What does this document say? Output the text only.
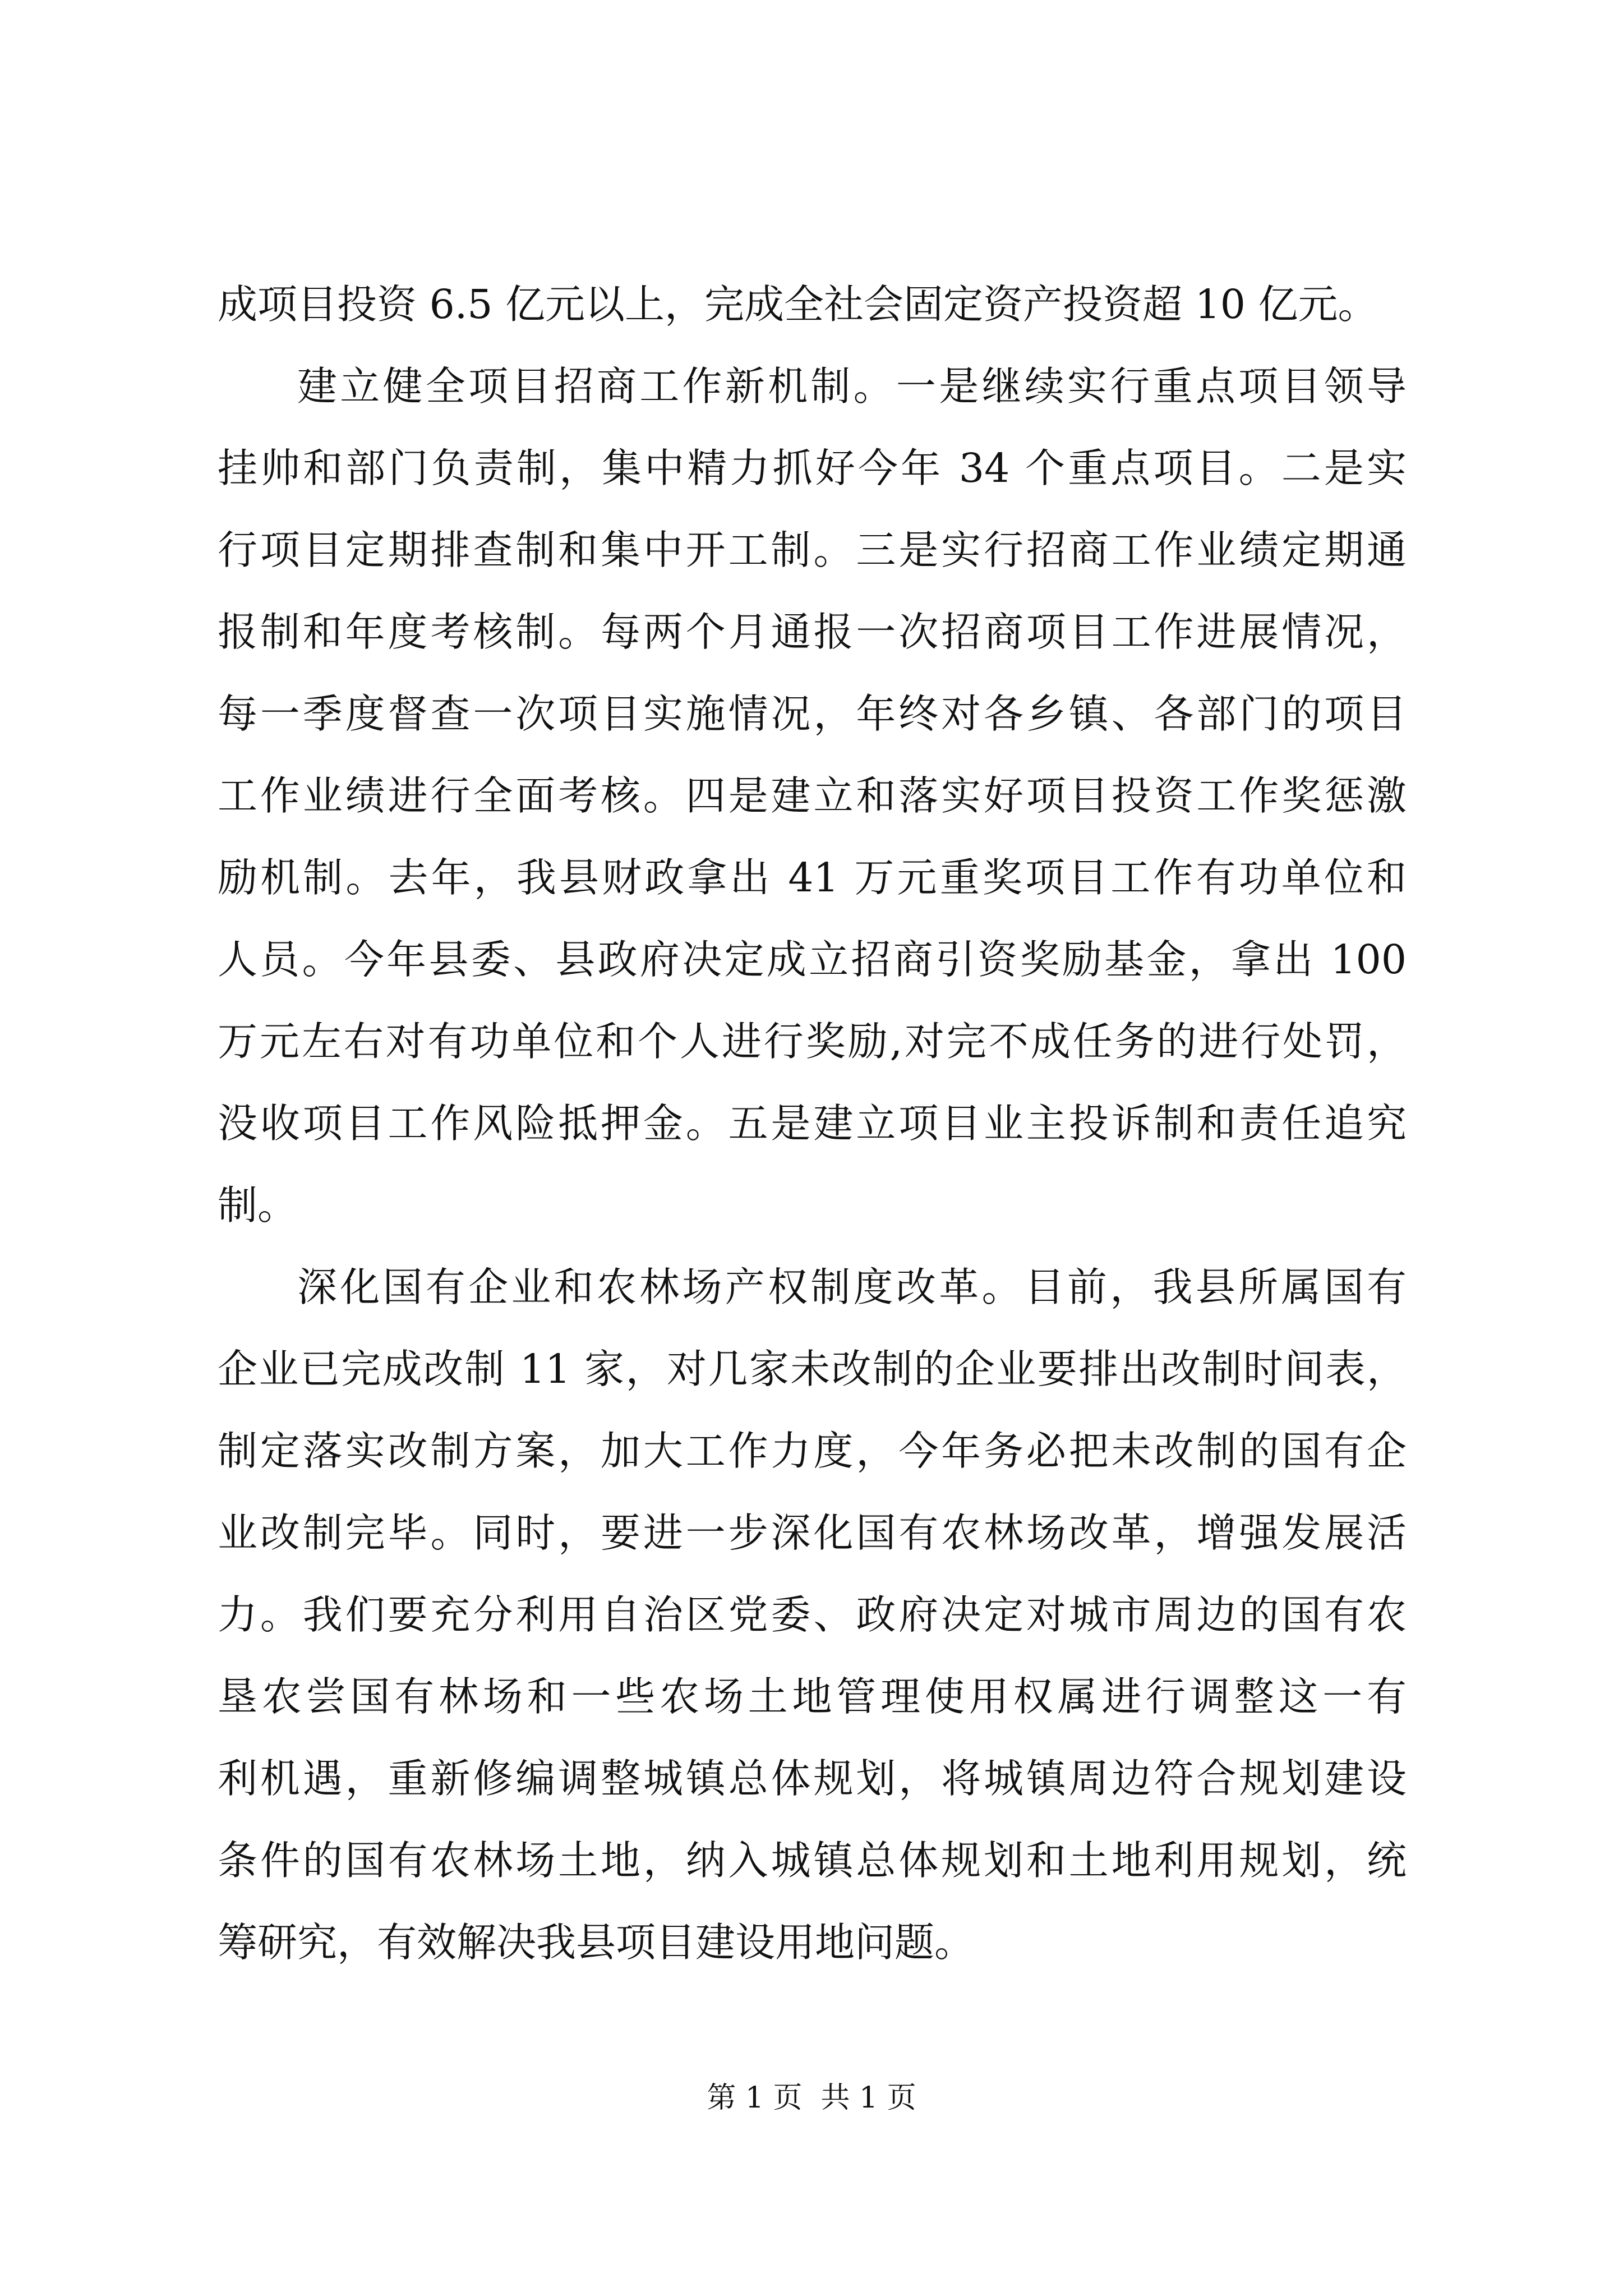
成项目投资 6.5 亿元以上，完成全社会固定资产投资超 10 亿元。
建立健全项目招商工作新机制。一是继续实行重点项目领导
挂帅和部门负责制，集中精力抓好今年 34 个重点项目。二是实
行项目定期排查制和集中开工制。三是实行招商工作业绩定期通
报制和年度考核制。每两个月通报一次招商项目工作进展情况，
每一季度督查一次项目实施情况，年终对各乡镇、各部门的项目
工作业绩进行全面考核。四是建立和落实好项目投资工作奖惩激
励机制。去年，我县财政拿出 41 万元重奖项目工作有功单位和
人员。今年县委、县政府决定成立招商引资奖励基金，拿出 100
万元左右对有功单位和个人进行奖励,对完不成任务的进行处罚，
没收项目工作风险抵押金。五是建立项目业主投诉制和责任追究
制。
深化国有企业和农林场产权制度改革。目前，我县所属国有
企业已完成改制 11 家，对几家未改制的企业要排出改制时间表，
制定落实改制方案，加大工作力度，今年务必把未改制的国有企
业改制完毕。同时，要进一步深化国有农林场改革，增强发展活
力。我们要充分利用自治区党委、政府决定对城市周边的国有农
垦农尝国有林场和一些农场土地管理使用权属进行调整这一有
利机遇，重新修编调整城镇总体规划，将城镇周边符合规划建设
条件的国有农林场土地，纳入城镇总体规划和土地利用规划，统
筹研究，有效解决我县项目建设用地问题。
第 1 页  共 1 页
